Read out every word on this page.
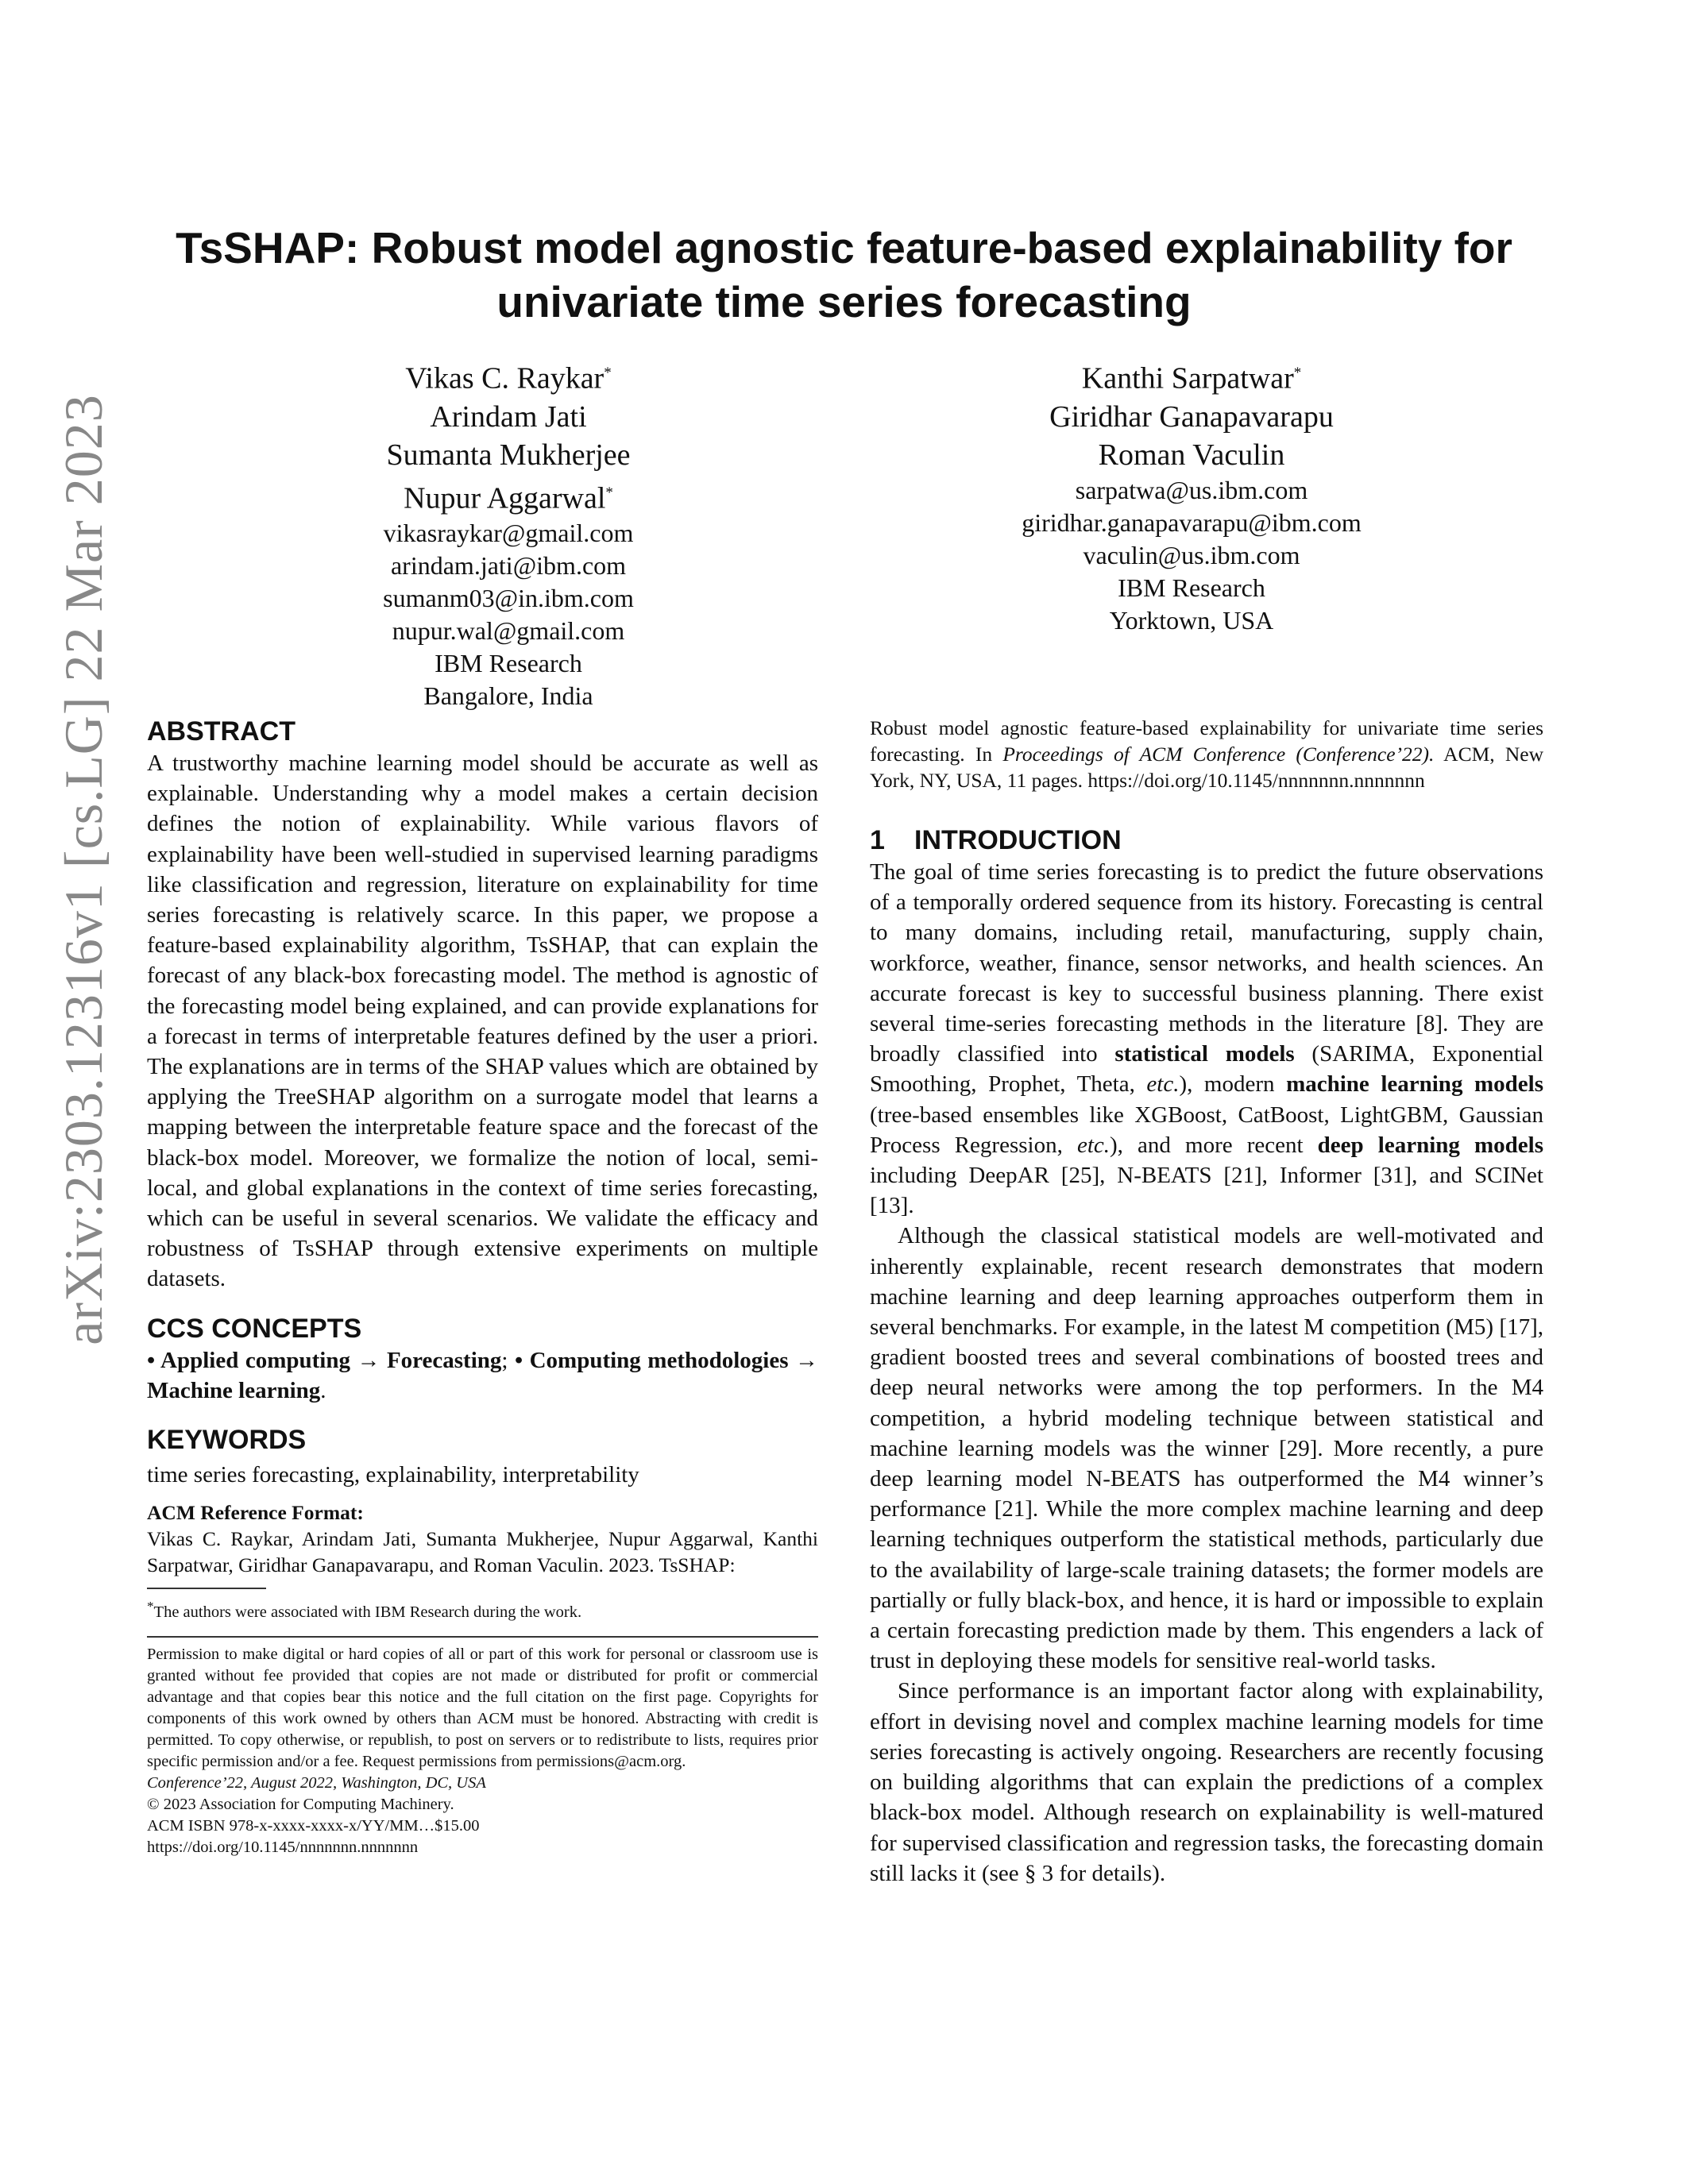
arXiv:2303.12316v1 [cs.LG] 22 Mar 2023
TsSHAP: Robust model agnostic feature-based explainability for
univariate time series forecasting
Vikas C. Raykar*
Arindam Jati
Sumanta Mukherjee
Nupur Aggarwal*
vikasraykar@gmail.com
arindam.jati@ibm.com
sumanm03@in.ibm.com
nupur.wal@gmail.com
IBM Research
Bangalore, India
Kanthi Sarpatwar*
Giridhar Ganapavarapu
Roman Vaculin
sarpatwa@us.ibm.com
giridhar.ganapavarapu@ibm.com
vaculin@us.ibm.com
IBM Research
Yorktown, USA
ABSTRACT

A trustworthy machine learning model should be accurate as well as explainable. Understanding why a model makes a certain decision defines the notion of explainability. While various flavors of explainability have been well-studied in supervised learning paradigms like classification and regression, literature on explainability for time series forecasting is relatively scarce. In this paper, we propose a feature-based explainability algorithm, TsSHAP, that can explain the forecast of any black-box forecasting model. The method is agnostic of the forecasting model being explained, and can provide explanations for a forecast in terms of interpretable features defined by the user a priori. The explanations are in terms of the SHAP values which are obtained by applying the TreeSHAP algorithm on a surrogate model that learns a mapping between the interpretable feature space and the forecast of the black-box model. Moreover, we formalize the notion of local, semi-local, and global explanations in the context of time series forecasting, which can be useful in several scenarios. We validate the efficacy and robustness of TsSHAP through extensive experiments on multiple datasets.

CCS CONCEPTS

• Applied computing → Forecasting; • Computing methodologies → Machine learning.

KEYWORDS

time series forecasting, explainability, interpretability

ACM Reference Format:

Vikas C. Raykar, Arindam Jati, Sumanta Mukherjee, Nupur Aggarwal, Kanthi Sarpatwar, Giridhar Ganapavarapu, and Roman Vaculin. 2023. TsSHAP:

*The authors were associated with IBM Research during the work.

Permission to make digital or hard copies of all or part of this work for personal or classroom use is granted without fee provided that copies are not made or distributed for profit or commercial advantage and that copies bear this notice and the full citation on the first page. Copyrights for components of this work owned by others than ACM must be honored. Abstracting with credit is permitted. To copy otherwise, or republish, to post on servers or to redistribute to lists, requires prior specific permission and/or a fee. Request permissions from permissions@acm.org.

Conference’22, August 2022, Washington, DC, USA

© 2023 Association for Computing Machinery.

ACM ISBN 978-x-xxxx-xxxx-x/YY/MM…$15.00

https://doi.org/10.1145/nnnnnnn.nnnnnnn

Robust model agnostic feature-based explainability for univariate time series forecasting. In Proceedings of ACM Conference (Conference’22). ACM, New York, NY, USA, 11 pages. https://doi.org/10.1145/nnnnnnn.nnnnnnn

1 INTRODUCTION

The goal of time series forecasting is to predict the future observations of a temporally ordered sequence from its history. Forecasting is central to many domains, including retail, manufacturing, supply chain, workforce, weather, finance, sensor networks, and health sciences. An accurate forecast is key to successful business planning. There exist several time-series forecasting methods in the literature [8]. They are broadly classified into statistical models (SARIMA, Exponential Smoothing, Prophet, Theta, etc.), modern machine learning models (tree-based ensembles like XGBoost, CatBoost, LightGBM, Gaussian Process Regression, etc.), and more recent deep learning models including DeepAR [25], N-BEATS [21], Informer [31], and SCINet [13].

Although the classical statistical models are well-motivated and inherently explainable, recent research demonstrates that modern machine learning and deep learning approaches outperform them in several benchmarks. For example, in the latest M competition (M5) [17], gradient boosted trees and several combinations of boosted trees and deep neural networks were among the top performers. In the M4 competition, a hybrid modeling technique between statistical and machine learning models was the winner [29]. More recently, a pure deep learning model N-BEATS has outperformed the M4 winner’s performance [21]. While the more complex machine learning and deep learning techniques outperform the statistical methods, particularly due to the availability of large-scale training datasets; the former models are partially or fully black-box, and hence, it is hard or impossible to explain a certain forecasting prediction made by them. This engenders a lack of trust in deploying these models for sensitive real-world tasks.

Since performance is an important factor along with explainability, effort in devising novel and complex machine learning models for time series forecasting is actively ongoing. Researchers are recently focusing on building algorithms that can explain the predictions of a complex black-box model. Although research on explainability is well-matured for supervised classification and regression tasks, the forecasting domain still lacks it (see § 3 for details).
